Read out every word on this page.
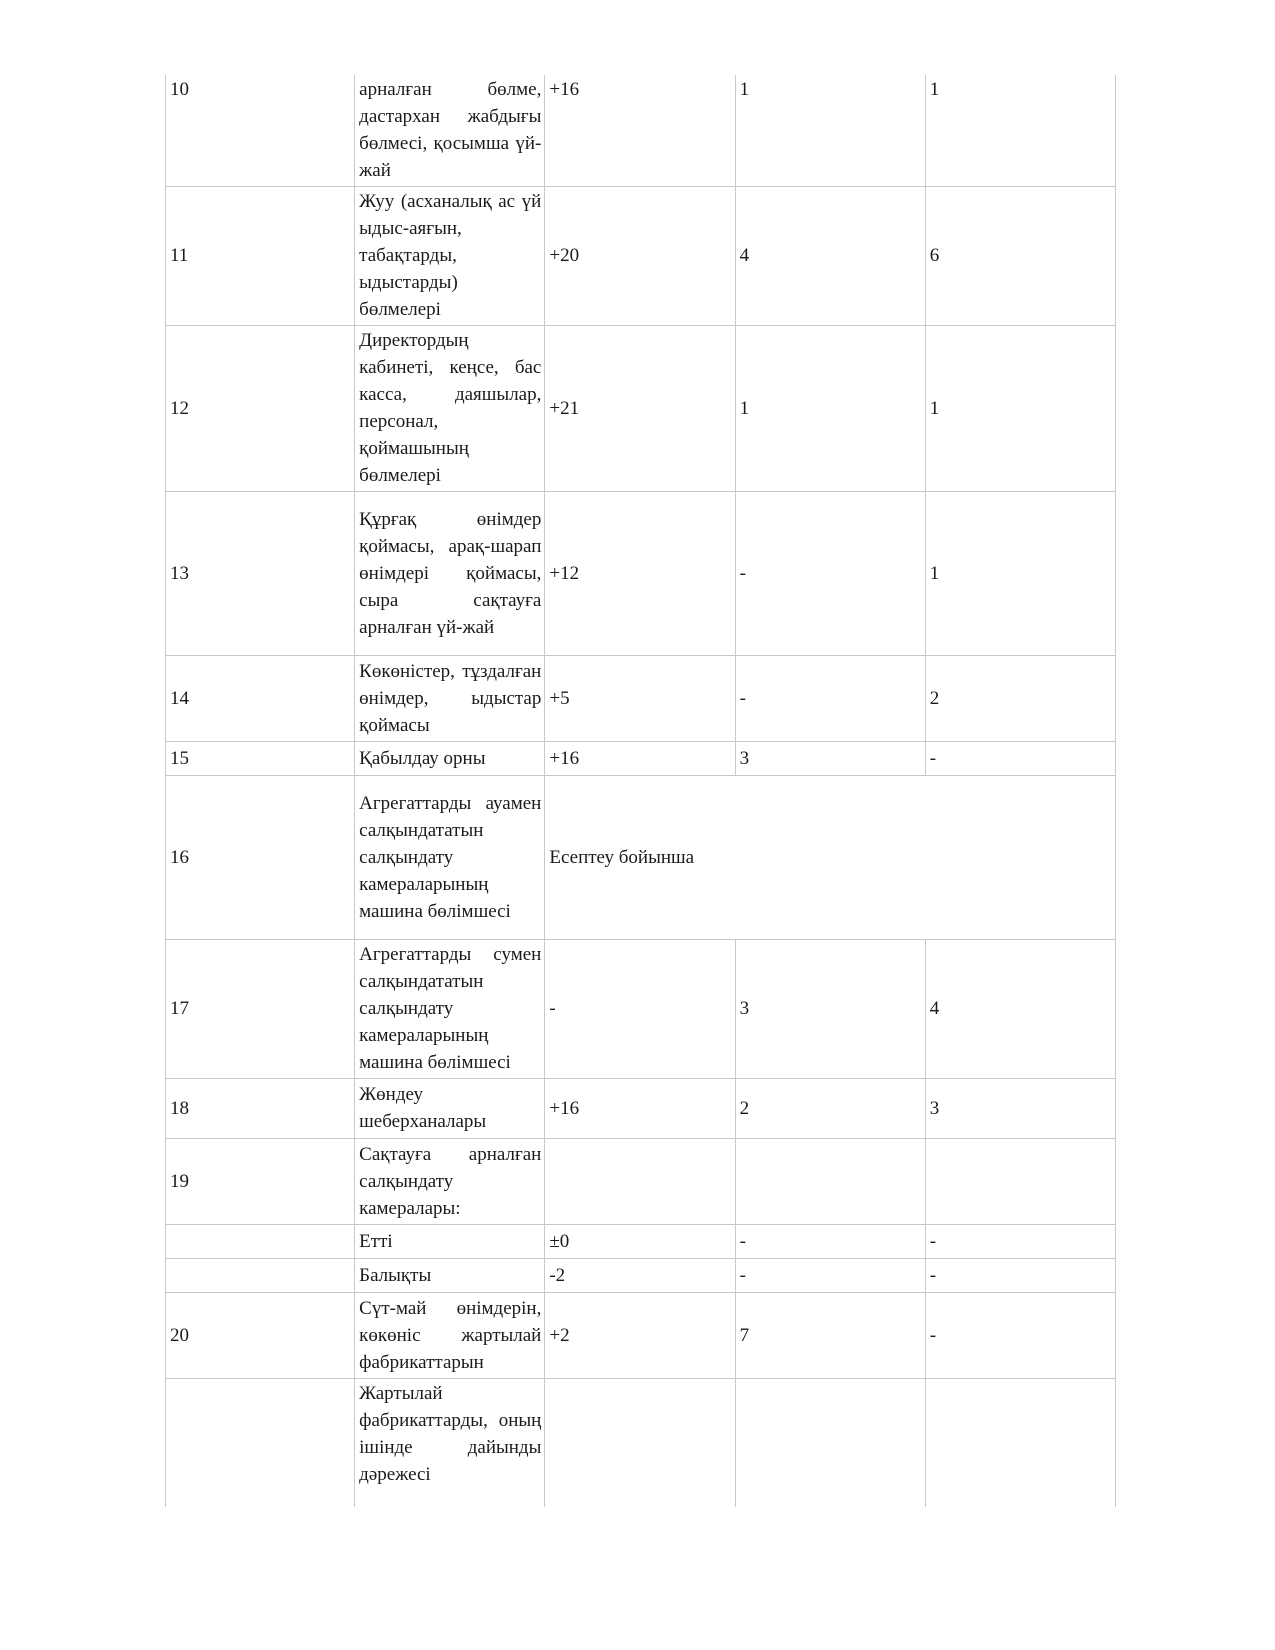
10	арналған бөлме, дастархан жабдығы бөлмесі, қосымша үй-жай	+16	1	1
11	Жуу (асханалық ас үй ыдыс-аяғын, табақтарды, ыдыстарды) бөлмелері	+20	4	6
12	Директордың кабинеті, кеңсе, бас касса, даяшылар, персонал, қоймашының бөлмелері	+21	1	1
13	Құрғақ өнімдер қоймасы, арақ-шарап өнімдері қоймасы, сыра сақтауға арналған үй-жай	+12	-	1
14	Көкөністер, тұздалған өнімдер, ыдыстар қоймасы	+5	-	2
15	Қабылдау орны	+16	3	-
16	Агрегаттарды ауамен салқындататын салқындату камераларының машина бөлімшесі	Есептеу бойынша		
17	Агрегаттарды сумен салқындататын салқындату камераларының машина бөлімшесі	-	3	4
18	Жөндеу шеберханалары	+16	2	3
19	Сақтауға арналған салқындату камералары:			
	Етті	±0	-	-
	Балықты	-2	-	-
20	Сүт-май өнімдерін, көкөніс жартылай фабрикаттарын	+2	7	-
	Жартылай фабрикаттарды, оның ішінде дайынды дәрежесі			
